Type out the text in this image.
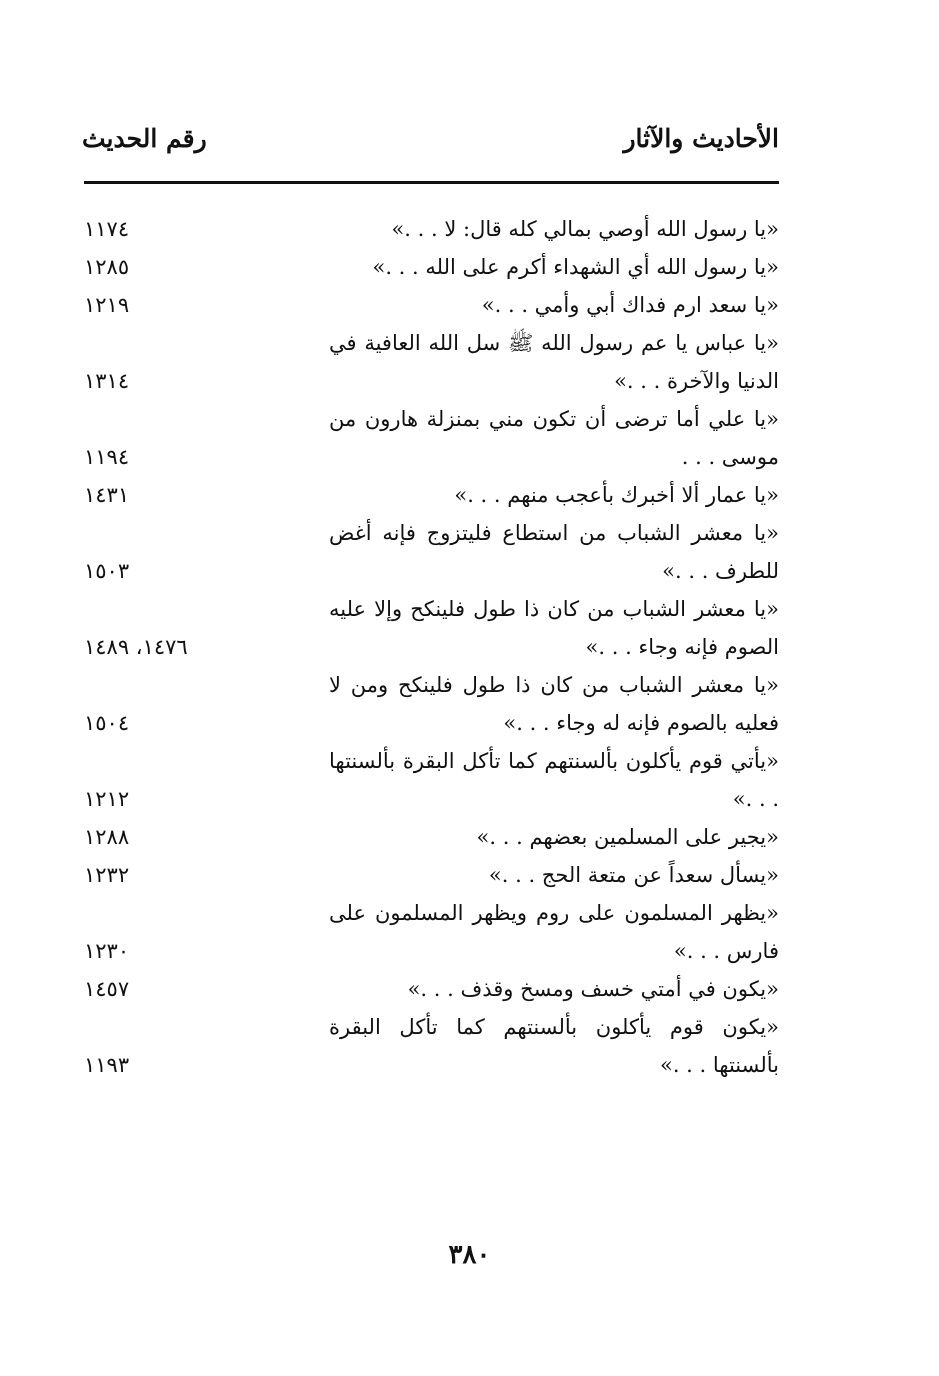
الأحاديث والآثار
رقم الحديث
«يا رسول الله أوصي بمالي كله قال: لا . . .»
١١٧٤
«يا رسول الله أي الشهداء أكرم على الله . . .»
١٢٨٥
«يا سعد ارم فداك أبي وأمي . . .»
١٢١٩
«يا عباس يا عم رسول الله ﷺ سل الله العافية في الدنيا والآخرة . . .»
١٣١٤
«يا علي أما ترضى أن تكون مني بمنزلة هارون من موسى . . .
١١٩٤
«يا عمار ألا أخبرك بأعجب منهم . . .»
١٤٣١
«يا معشر الشباب من استطاع فليتزوج فإنه أغض للطرف . . .»
١٥٠٣
«يا معشر الشباب من كان ذا طول فلينكح وإلا عليه الصوم فإنه وجاء . . .»
١٤٧٦، ١٤٨٩
«يا معشر الشباب من كان ذا طول فلينكح ومن لا فعليه بالصوم فإنه له وجاء . . .»
١٥٠٤
«يأتي قوم يأكلون بألسنتهم كما تأكل البقرة بألسنتها . . .»
١٢١٢
«يجير على المسلمين بعضهم . . .»
١٢٨٨
«يسأل سعداً عن متعة الحج . . .»
١٢٣٢
«يظهر المسلمون على روم ويظهر المسلمون على فارس . . .»
١٢٣٠
«يكون في أمتي خسف ومسخ وقذف . . .»
١٤٥٧
«يكون قوم يأكلون بألسنتهم كما تأكل البقرة بألسنتها . . .»
١١٩٣
٣٨٠
